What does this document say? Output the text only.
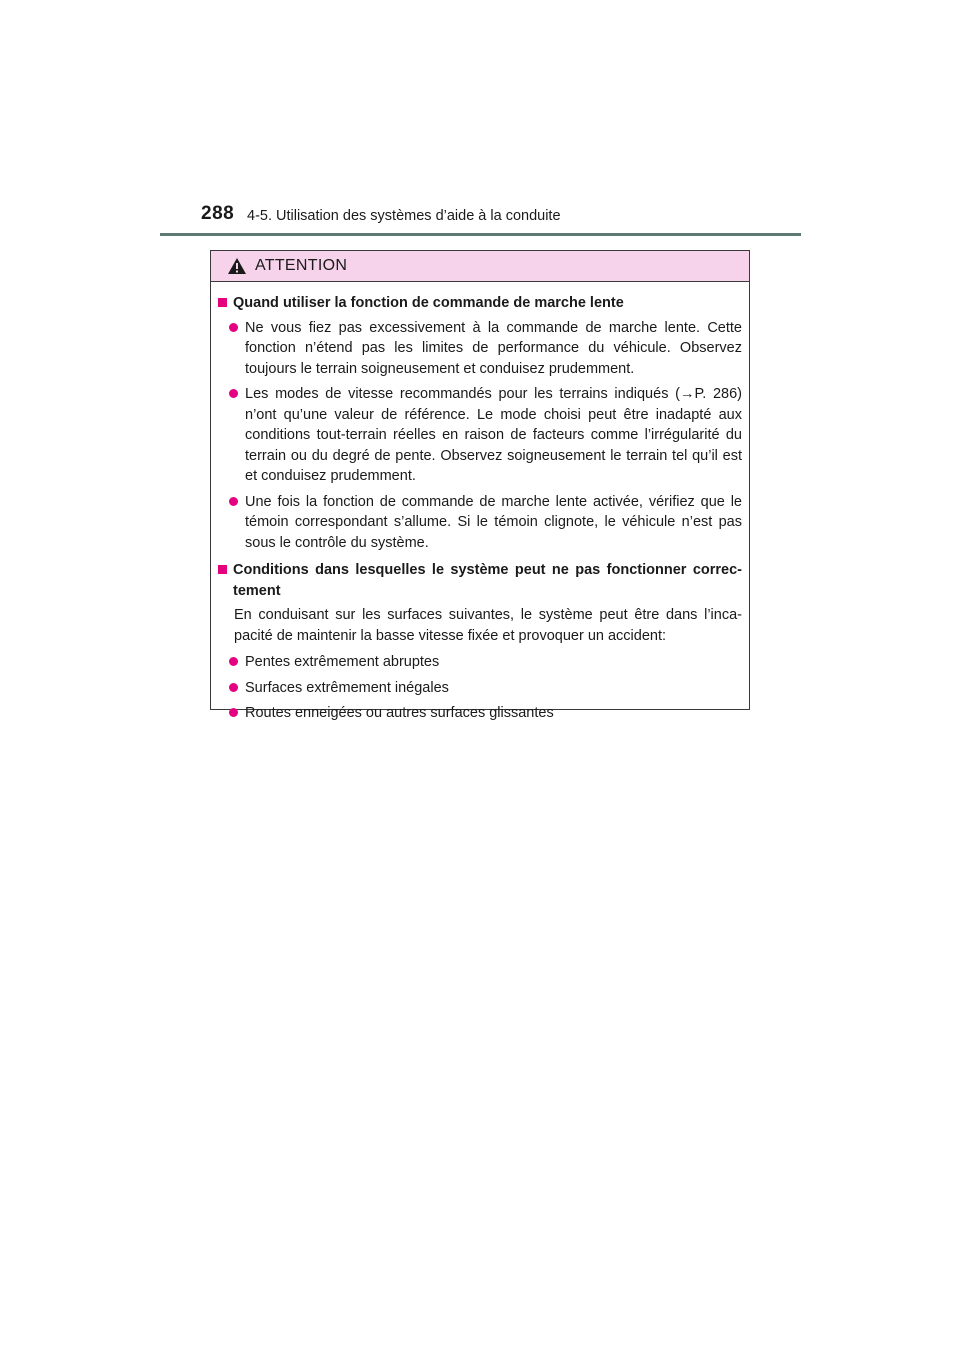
288 4-5. Utilisation des systèmes d’aide à la conduite
ATTENTION
Quand utiliser la fonction de commande de marche lente
Ne vous fiez pas excessivement à la commande de marche lente. Cette fonction n’étend pas les limites de performance du véhicule. Observez toujours le terrain soigneusement et conduisez prudemment.
Les modes de vitesse recommandés pour les terrains indiqués (→P. 286) n’ont qu’une valeur de référence. Le mode choisi peut être inadapté aux conditions tout-terrain réelles en raison de facteurs comme l’irrégularité du terrain ou du degré de pente. Observez soigneusement le terrain tel qu’il est et conduisez prudemment.
Une fois la fonction de commande de marche lente activée, vérifiez que le témoin correspondant s’allume. Si le témoin clignote, le véhicule n’est pas sous le contrôle du système.
Conditions dans lesquelles le système peut ne pas fonctionner correc-tement
En conduisant sur les surfaces suivantes, le système peut être dans l’inca-pacité de maintenir la basse vitesse fixée et provoquer un accident:
Pentes extrêmement abruptes
Surfaces extrêmement inégales
Routes enneigées ou autres surfaces glissantes
